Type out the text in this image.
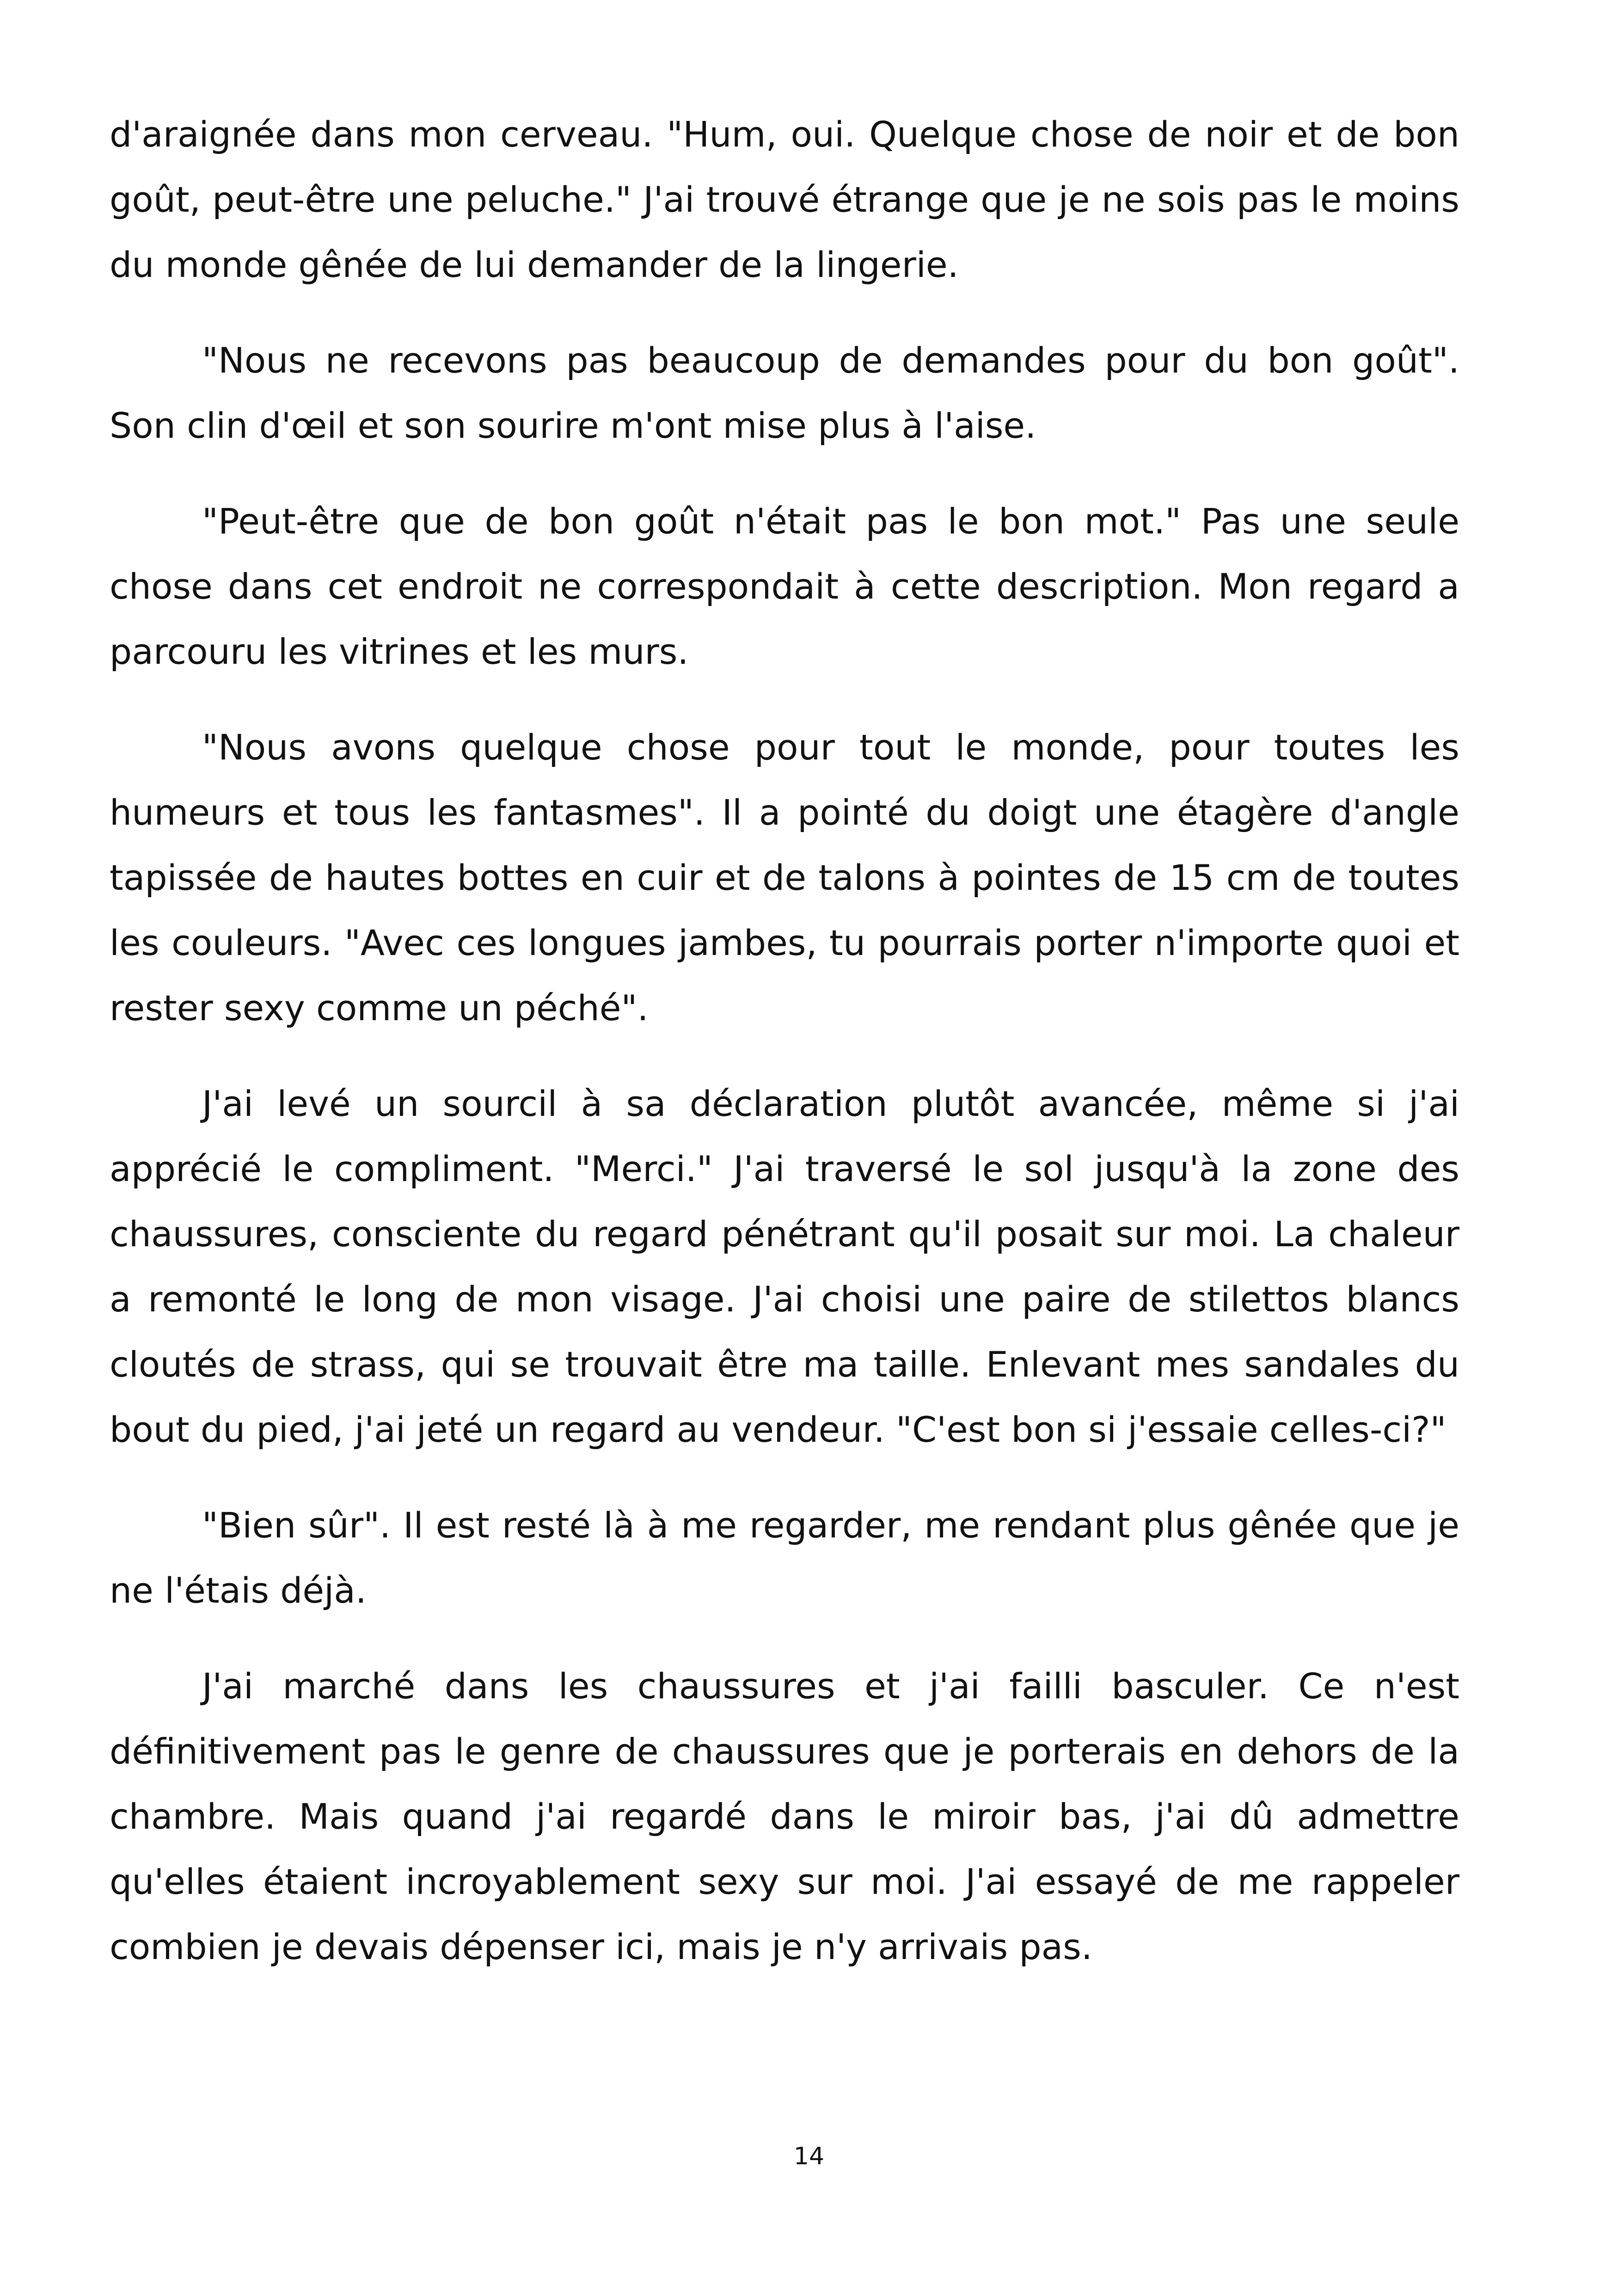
d'araignée dans mon cerveau. "Hum, oui. Quelque chose de noir et de bon goût, peut-être une peluche." J'ai trouvé étrange que je ne sois pas le moins du monde gênée de lui demander de la lingerie.

"Nous ne recevons pas beaucoup de demandes pour du bon goût". Son clin d'œil et son sourire m'ont mise plus à l'aise.

"Peut-être que de bon goût n'était pas le bon mot." Pas une seule chose dans cet endroit ne correspondait à cette description. Mon regard a parcouru les vitrines et les murs.

"Nous avons quelque chose pour tout le monde, pour toutes les humeurs et tous les fantasmes". Il a pointé du doigt une étagère d'angle tapissée de hautes bottes en cuir et de talons à pointes de 15 cm de toutes les couleurs. "Avec ces longues jambes, tu pourrais porter n'importe quoi et rester sexy comme un péché".

J'ai levé un sourcil à sa déclaration plutôt avancée, même si j'ai apprécié le compliment. "Merci." J'ai traversé le sol jusqu'à la zone des chaussures, consciente du regard pénétrant qu'il posait sur moi. La chaleur a remonté le long de mon visage. J'ai choisi une paire de stilettos blancs cloutés de strass, qui se trouvait être ma taille. Enlevant mes sandales du bout du pied, j'ai jeté un regard au vendeur. "C'est bon si j'essaie celles-ci?"

"Bien sûr". Il est resté là à me regarder, me rendant plus gênée que je ne l'étais déjà.

J'ai marché dans les chaussures et j'ai failli basculer. Ce n'est définitivement pas le genre de chaussures que je porterais en dehors de la chambre. Mais quand j'ai regardé dans le miroir bas, j'ai dû admettre qu'elles étaient incroyablement sexy sur moi. J'ai essayé de me rappeler combien je devais dépenser ici, mais je n'y arrivais pas.

14
